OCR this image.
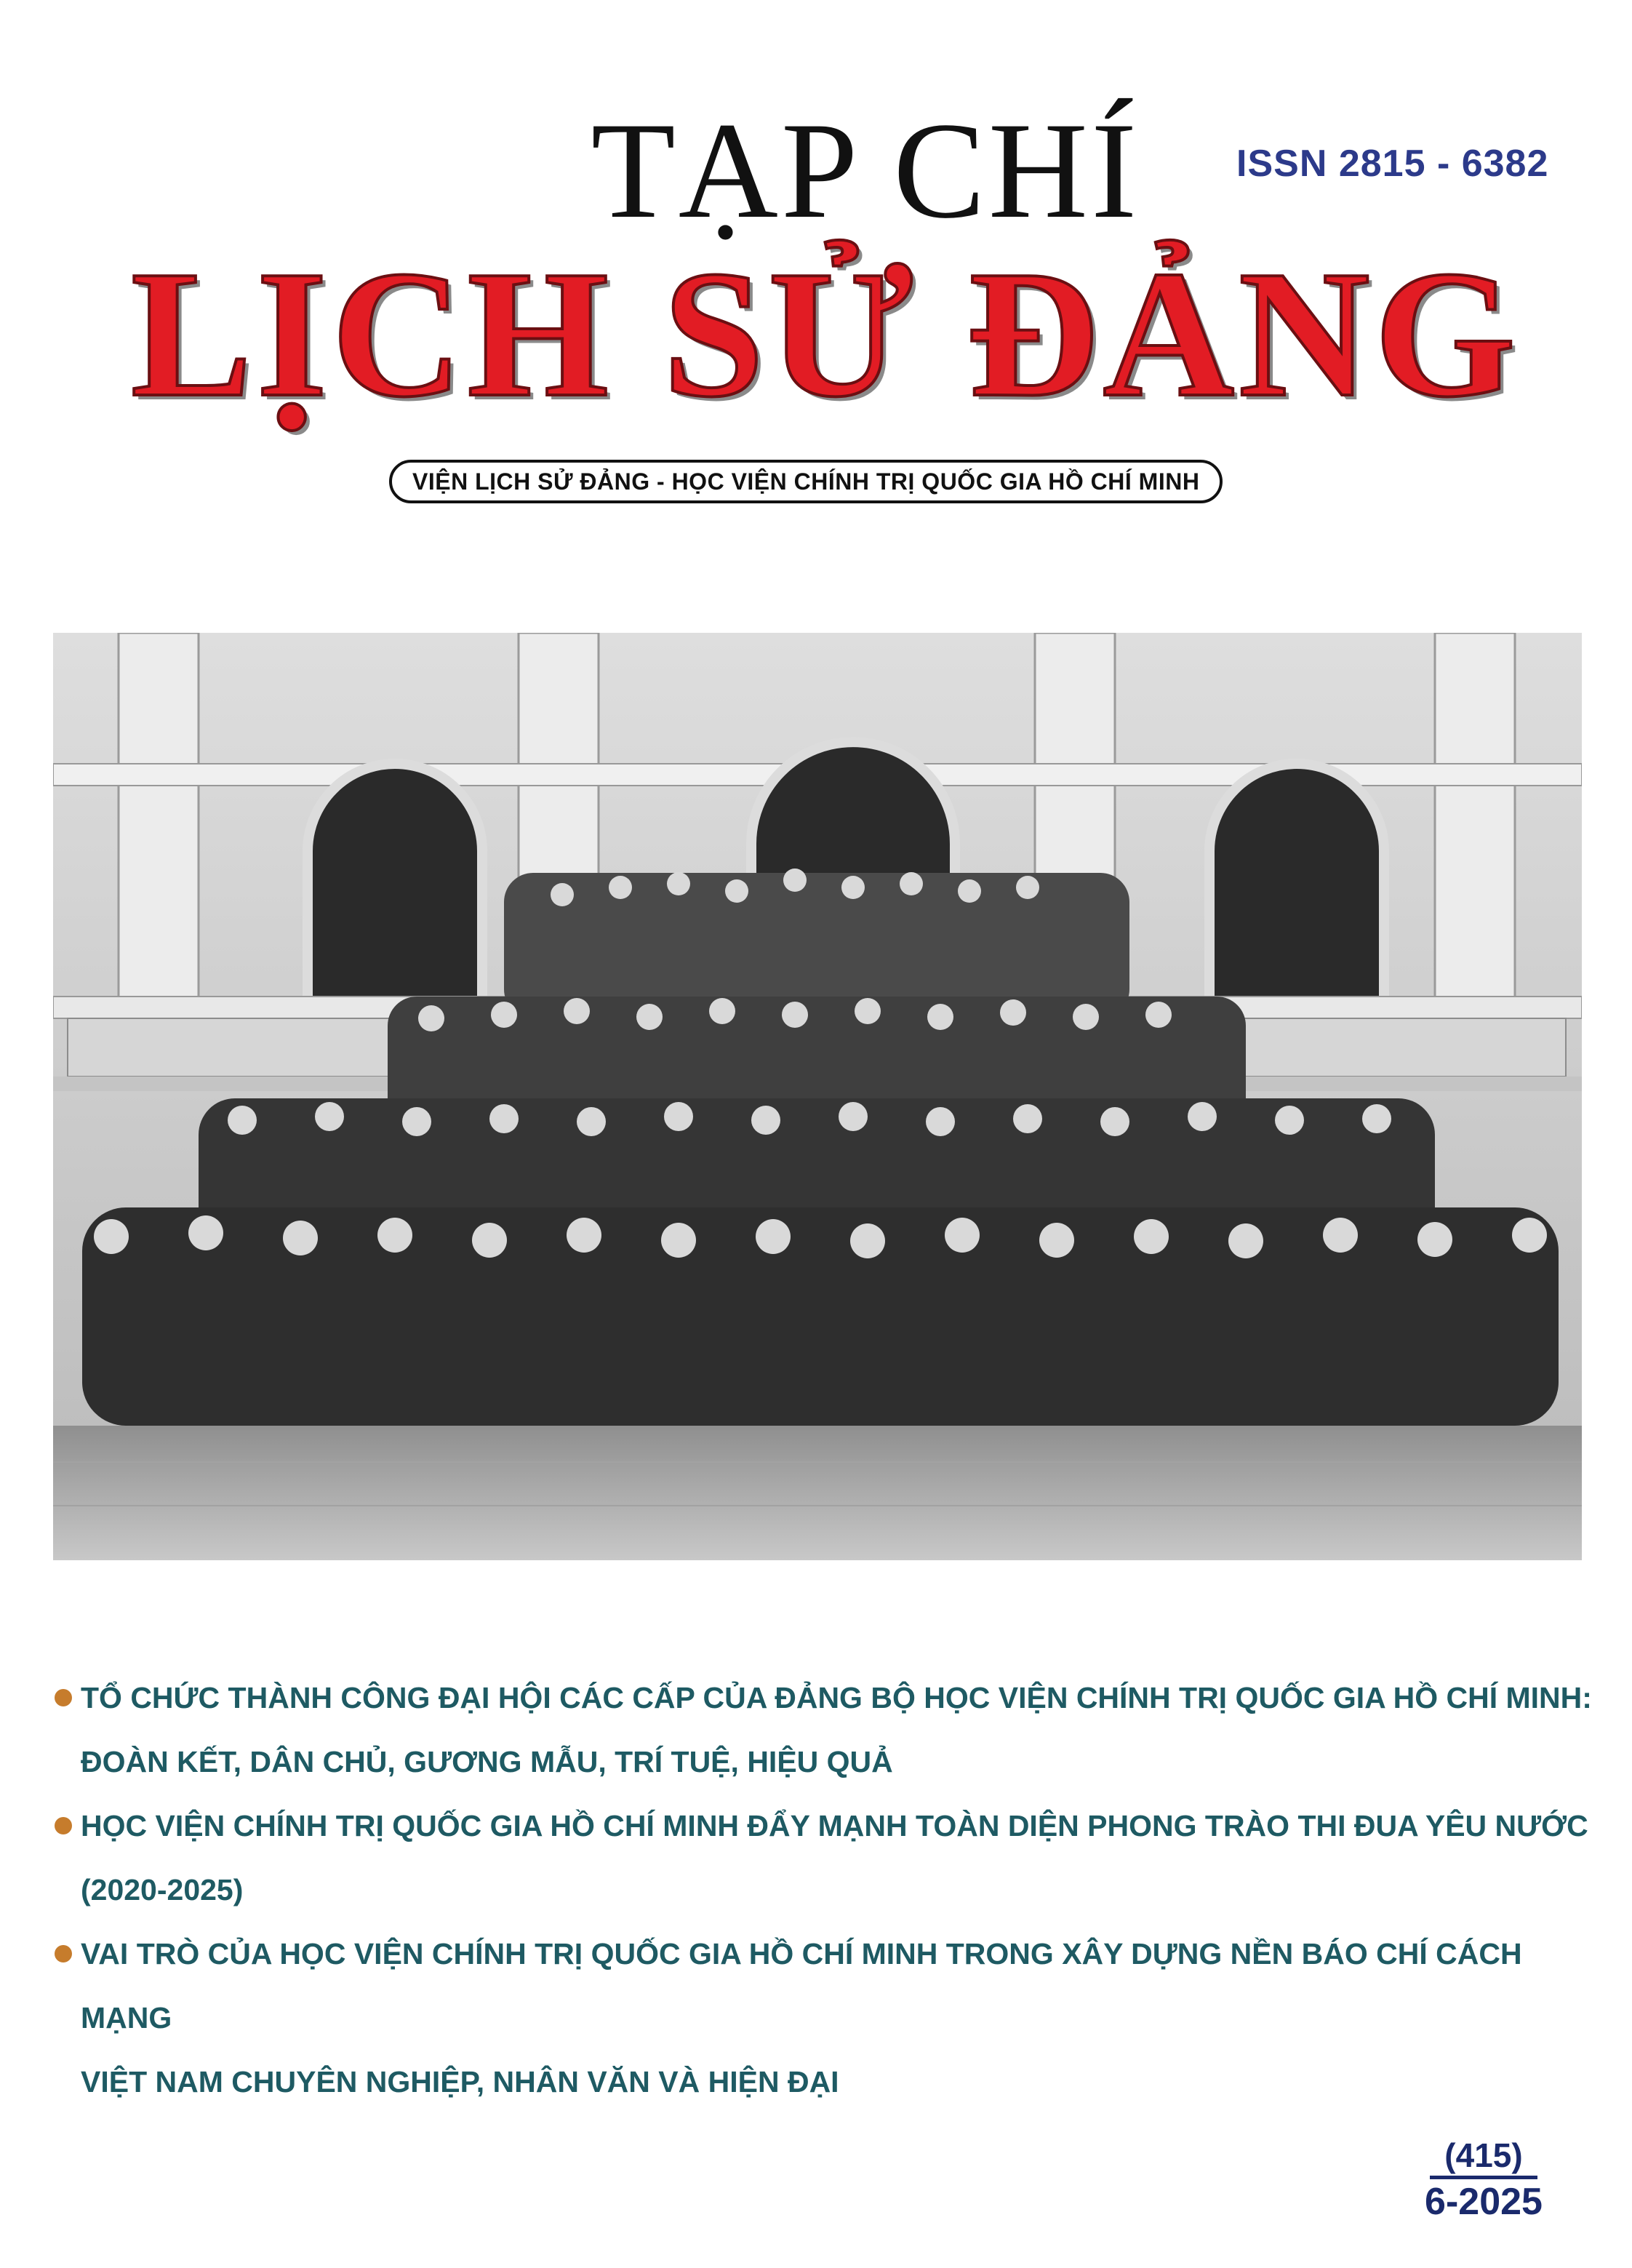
TẠP CHÍ	ISSN 2815 - 6382
LỊCH SỬ ĐẢNG
VIỆN LỊCH SỬ ĐẢNG - HỌC VIỆN CHÍNH TRỊ QUỐC GIA HỒ CHÍ MINH
TỔ CHỨC THÀNH CÔNG ĐẠI HỘI CÁC CẤP CỦA ĐẢNG BỘ HỌC VIỆN CHÍNH TRỊ QUỐC GIA HỒ CHÍ MINH:
ĐOÀN KẾT, DÂN CHỦ, GƯƠNG MẪU, TRÍ TUỆ, HIỆU QUẢ
HỌC VIỆN CHÍNH TRỊ QUỐC GIA HỒ CHÍ MINH ĐẨY MẠNH TOÀN DIỆN PHONG TRÀO THI ĐUA YÊU NƯỚC
(2020-2025)
VAI TRÒ CỦA HỌC VIỆN CHÍNH TRỊ QUỐC GIA HỒ CHÍ MINH TRONG XÂY DỰNG NỀN BÁO CHÍ CÁCH MẠNG
VIỆT NAM CHUYÊN NGHIỆP, NHÂN VĂN VÀ HIỆN ĐẠI
(415)
6-2025
